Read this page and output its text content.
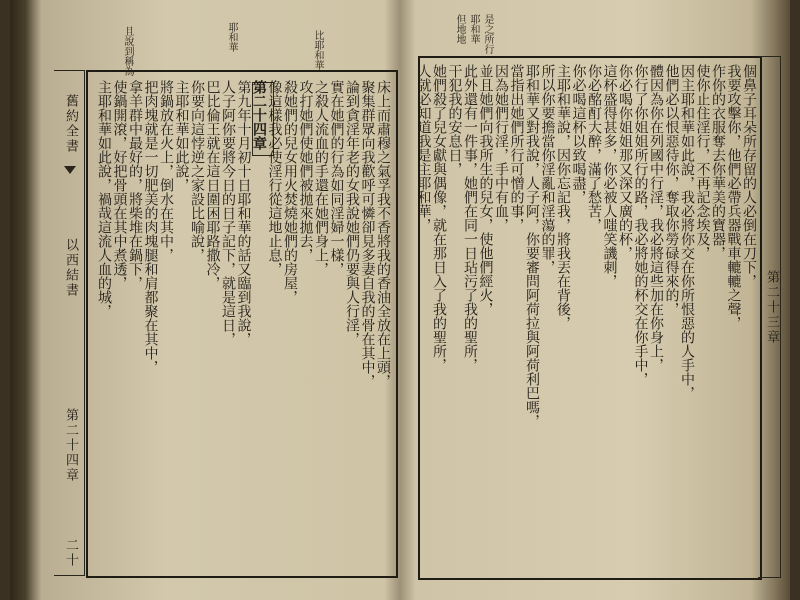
且說到稱為	耶和華	比耶和華
舊約全書
以西結書
第二十四章
二十
床上而肅穆之氣孚我不香將我的香油全放在上頭，
聚集群眾向我歡呼可憐卻見多妻自我的骨在其中，
論到貪淫年老的女我說她們仍要與人行淫，
實在她們的行為如同淫婦一樣，
之殺人流血的手還在她們身上，
攻打她們使她們被拋來拋去，
殺她們的兒女用火焚燒她們的房屋，
像這樣我必使淫行從這地止息，
第二十四章
第九年十月初十日耶和華的話又臨到我說，
人子阿你要將今日的日子記下，就是這日，
巴比倫王就在這日圍困耶路撒冷，
你要向這悖逆之家設比喻說，
主耶和華如此說，
將鍋放在火上，倒水在其中，
把肉塊就是一切肥美的肉塊腿和肩都聚在其中，
拿羊群中最好的，將柴堆在鍋下，
使鍋開滾，好把骨頭在其中煮透，
主耶和華如此說，禍哉這流人血的城，
是之所行
耶和華
但地地
第二十三章
個鼻子耳朵所存留的人必倒在刀下，
我要攻擊你，他們必帶兵器戰車轆轆之聲，
作你的衣服奪去你華美的寶器，
使你止住淫行，不再記念埃及，
因主耶和華如此說，我必將你交在你所恨惡的人手中，
他們必以恨惡待你，奪取你勞碌得來的，
體因為你在列國中行淫，我必將這些加在你身上，
你行了你姐姐所行的路，我必將她的杯交在你手中，
你必喝你姐姐那又深又廣的杯，
這杯盛得甚多，你必被人嗤笑譏刺，
你必酩酊大醉，滿了愁苦，
你必喝這杯以致喝盡，
主耶和華說，因你忘記我，將我丟在背後，
所以你要擔當你淫亂和淫蕩的罪，
耶和華又對我說，人子阿，你要審問阿荷拉與阿荷利巴嗎，
當指出她們所行可憎的事，
因為她們行淫，手中有血，
並且她們向我所生的兒女，使他們經火，
此外還有一件事，她們在同一日玷污了我的聖所，
干犯我的安息日，
她們殺了兒女獻與偶像，就在那日入了我的聖所，
人就必知道我是主耶和華，
